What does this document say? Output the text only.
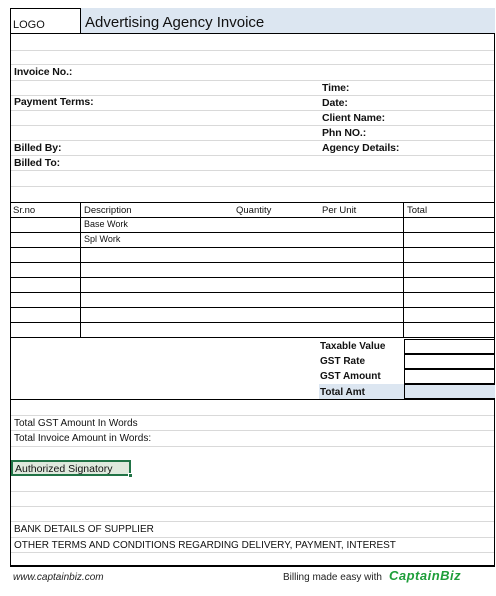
LOGO	Advertising Agency Invoice
Invoice No.:
Time:
Payment Terms:	Date:
Client Name:
Phn NO.:
Billed By:	Agency Details:
Billed To:
Sr.no	Description	Quantity	Per Unit	Total
Base Work
Spl Work
Taxable Value
GST Rate
GST Amount
Total Amt
Total GST Amount In Words
Total Invoice Amount in Words:
Authorized Signatory
BANK DETAILS OF SUPPLIER
OTHER TERMS AND CONDITIONS REGARDING DELIVERY, PAYMENT, INTEREST
www.captainbiz.com	Billing made easy with CaptainBiz
